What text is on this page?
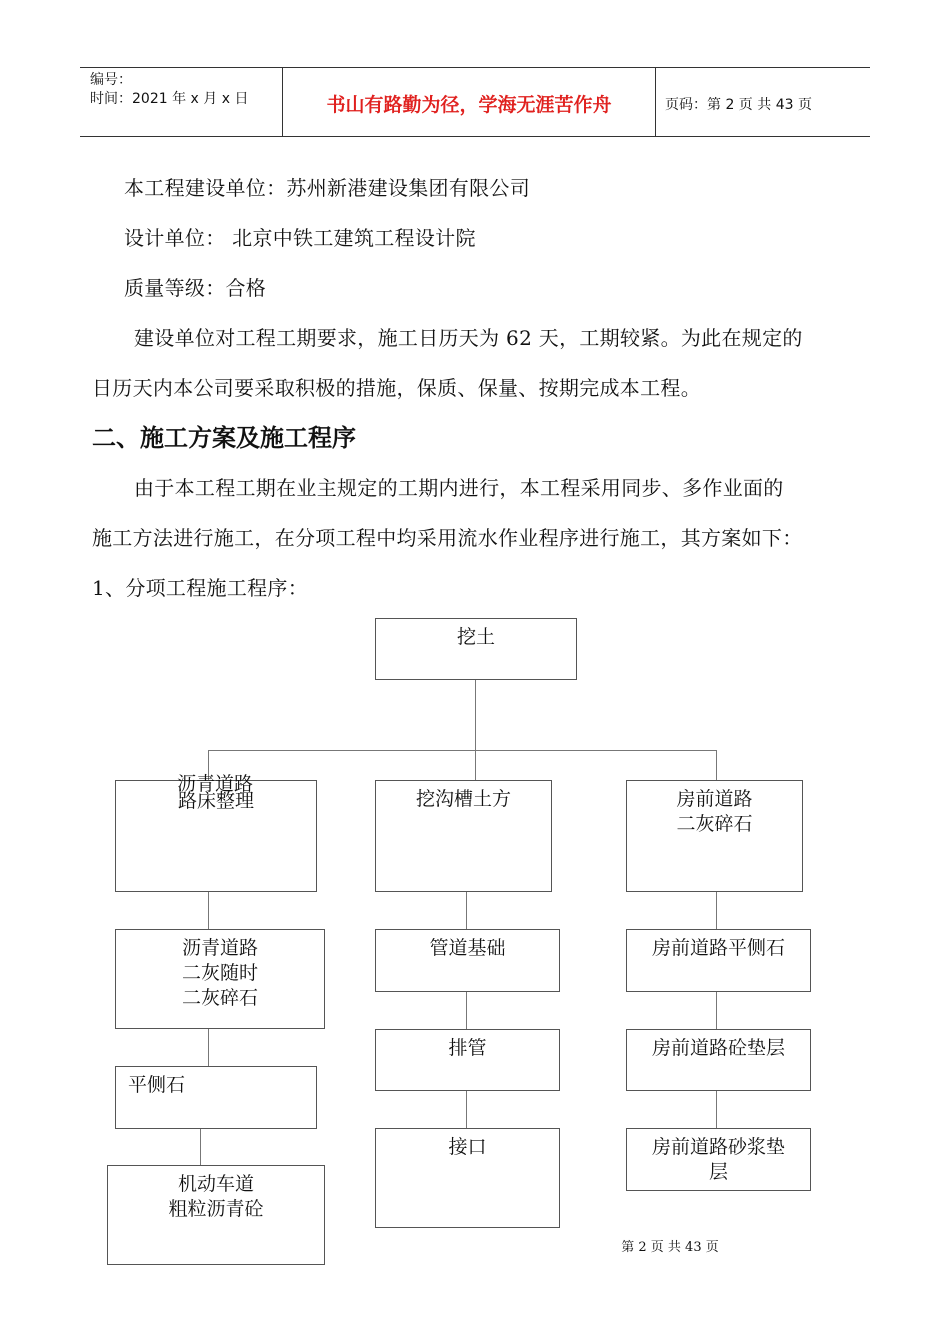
编号：
时间：2021 年 x 月 x 日	书山有路勤为径，学海无涯苦作舟	页码：第 2 页 共 43 页
本工程建设单位：苏州新港建设集团有限公司
设计单位： 北京中铁工建筑工程设计院
质量等级：合格
建设单位对工程工期要求，施工日历天为 62 天，工期较紧。为此在规定的
日历天内本公司要采取积极的措施，保质、保量、按期完成本工程。
二、施工方案及施工程序
由于本工程工期在业主规定的工期内进行，本工程采用同步、多作业面的
施工方法进行施工，在分项工程中均采用流水作业程序进行施工，其方案如下：
1、分项工程施工程序：
挖土
路床整理
沥青道路
沥青道路
二灰随时
二灰碎石
平侧石
机动车道
粗粒沥青砼
挖沟槽土方
管道基础
排管
接口
房前道路
二灰碎石
房前道路平侧石
房前道路砼垫层
房前道路砂浆垫
层
第 2 页 共 43 页
